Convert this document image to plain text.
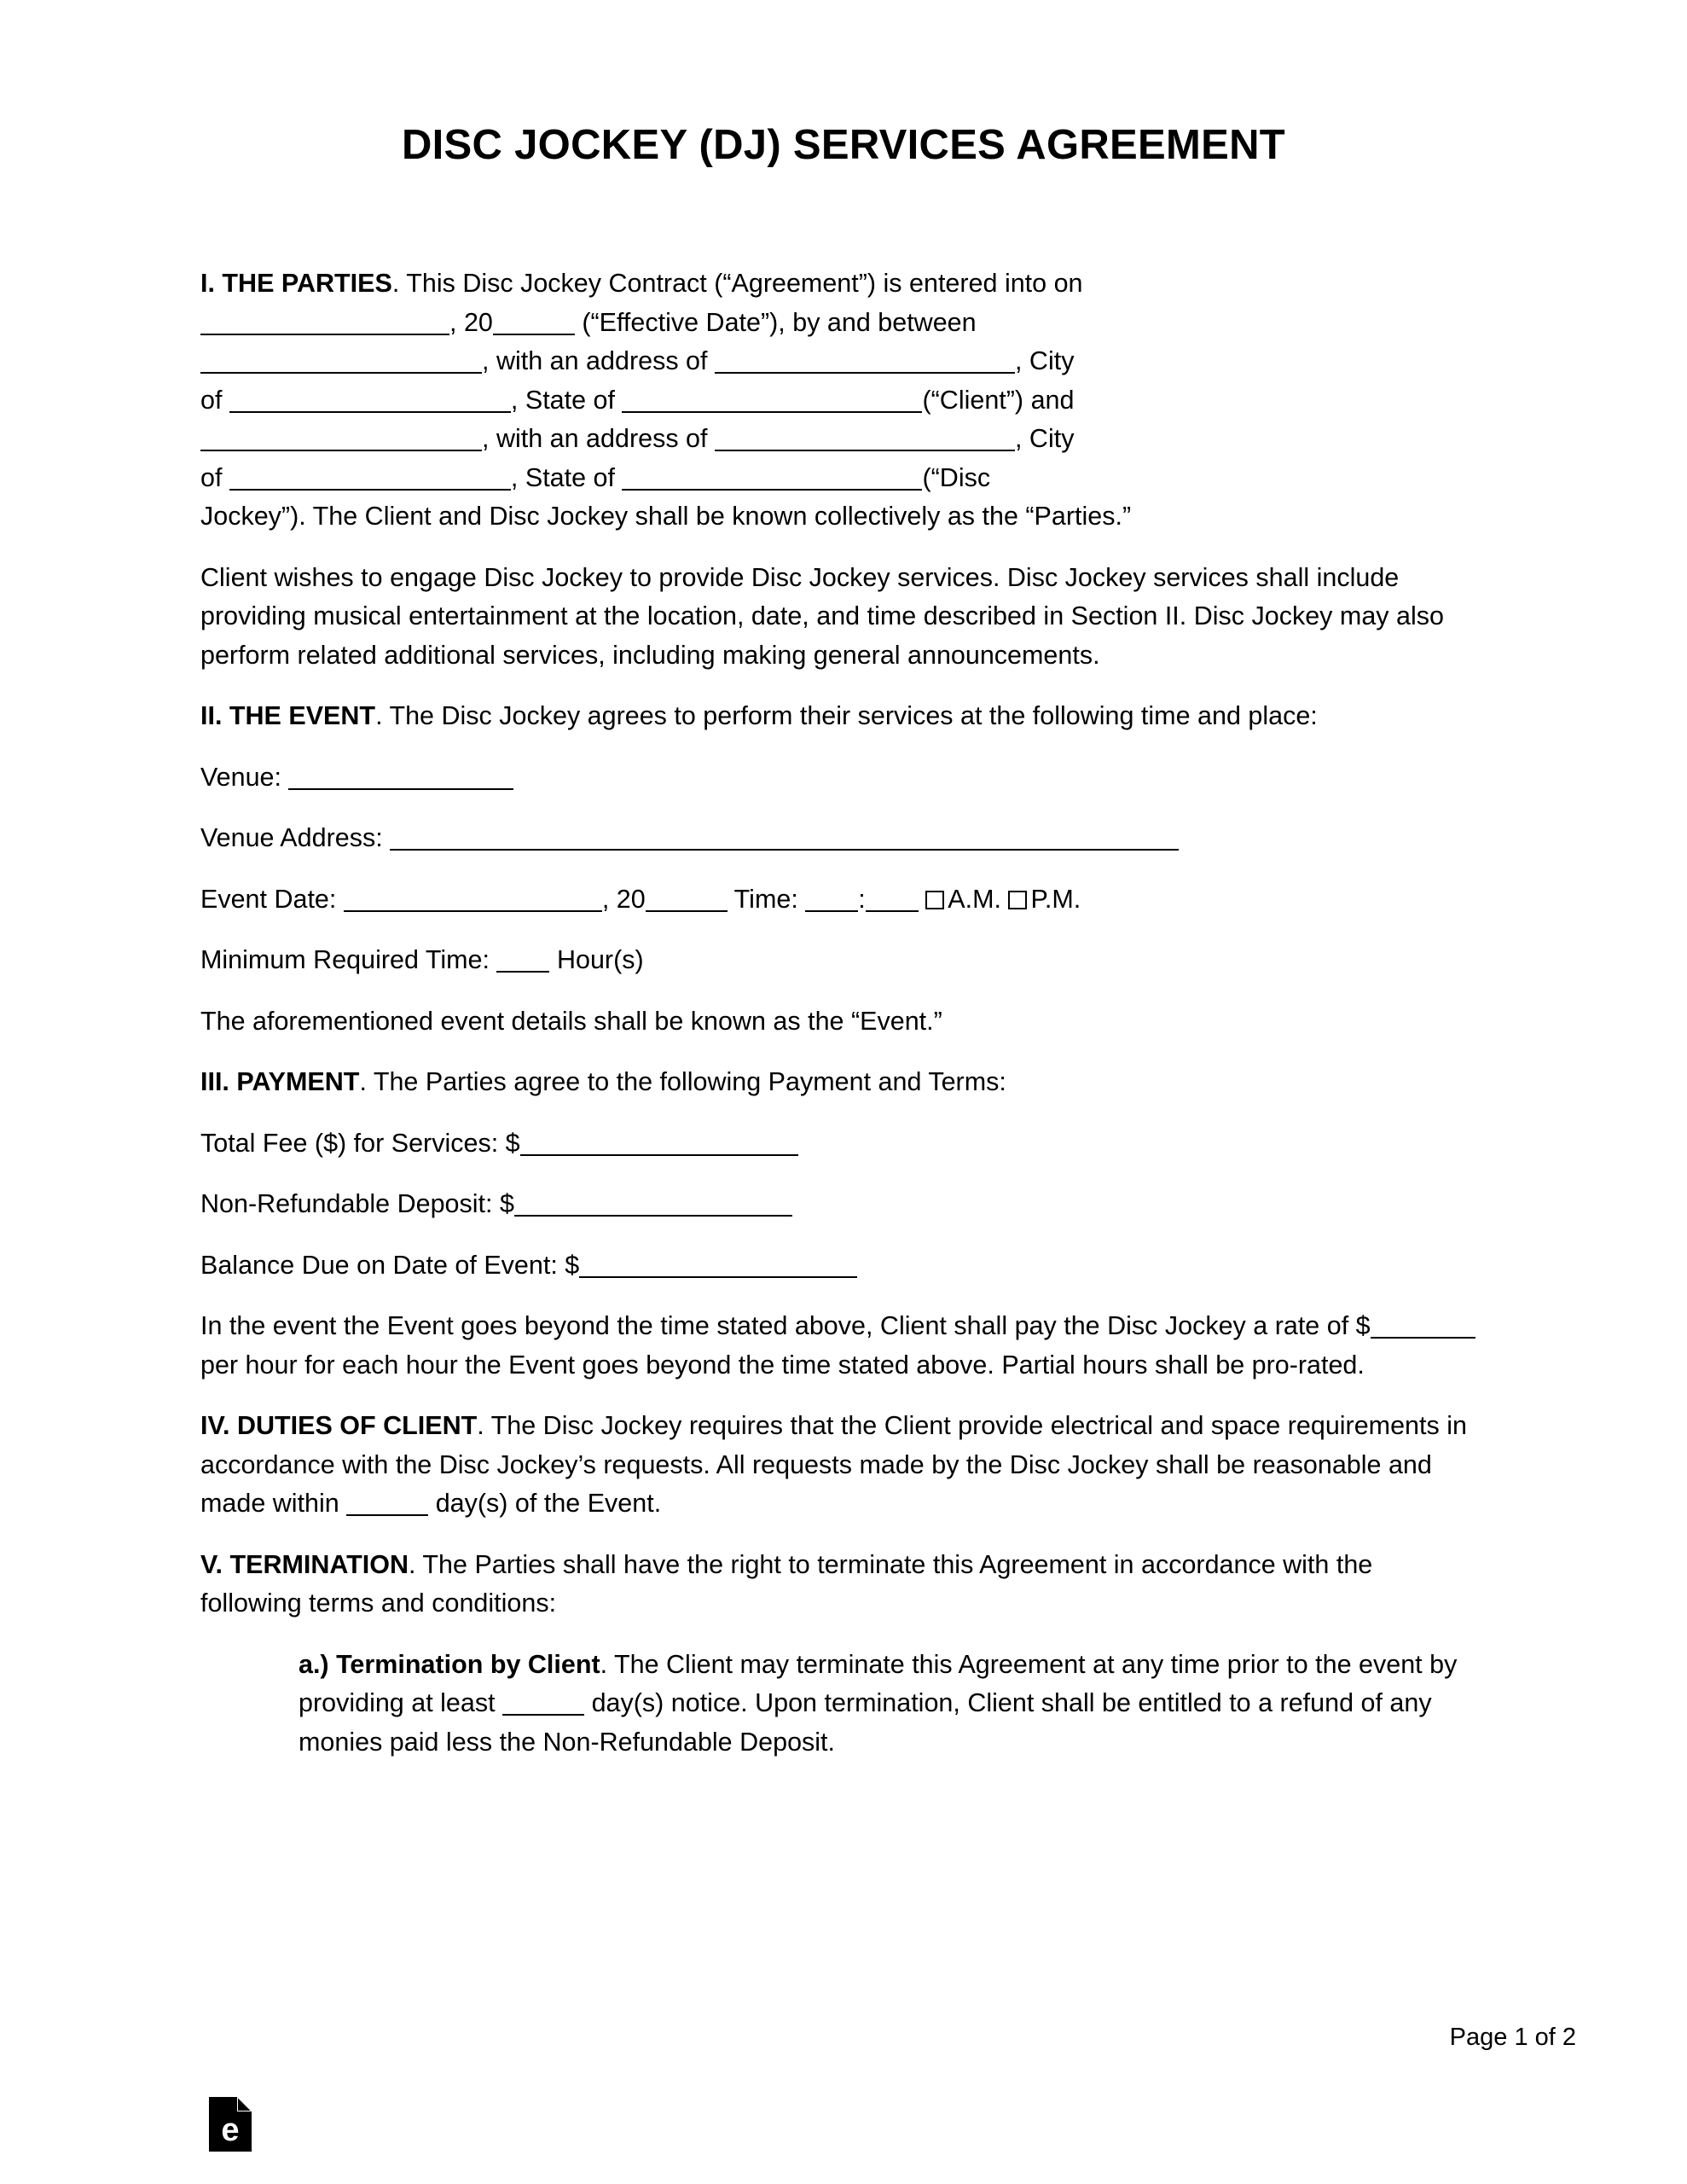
DISC JOCKEY (DJ) SERVICES AGREEMENT

I. THE PARTIES. This Disc Jockey Contract (“Agreement”) is entered into on
, 20	(“Effective Date”), by and between
, with an address of	, City
of	, State of	(“Client”) and
, with an address of	, City
of	, State of	(“Disc
Jockey”). The Client and Disc Jockey shall be known collectively as the “Parties.”

Client wishes to engage Disc Jockey to provide Disc Jockey services. Disc Jockey services shall include providing musical entertainment at the location, date, and time described in Section II. Disc Jockey may also perform related additional services, including making general announcements.

II. THE EVENT. The Disc Jockey agrees to perform their services at the following time and place:

Venue:

Venue Address:

Event Date:	, 20	Time: :	A.M. P.M.

Minimum Required Time:	Hour(s)

The aforementioned event details shall be known as the “Event.”

III. PAYMENT. The Parties agree to the following Payment and Terms:

Total Fee ($) for Services: $

Non-Refundable Deposit: $

Balance Due on Date of Event: $

In the event the Event goes beyond the time stated above, Client shall pay the Disc Jockey a rate of $per hour for each hour the Event goes beyond the time stated above. Partial hours shall be pro-rated.

IV. DUTIES OF CLIENT. The Disc Jockey requires that the Client provide electrical and space requirements in accordance with the Disc Jockey’s requests. All requests made by the Disc Jockey shall be reasonable and made within	day(s) of the Event.

V. TERMINATION. The Parties shall have the right to terminate this Agreement in accordance with the following terms and conditions:

a.) Termination by Client. The Client may terminate this Agreement at any time prior to the event by providing at least	day(s) notice. Upon termination, Client shall be entitled to a refund of any monies paid less the Non-Refundable Deposit.

Page 1 of 2
e
